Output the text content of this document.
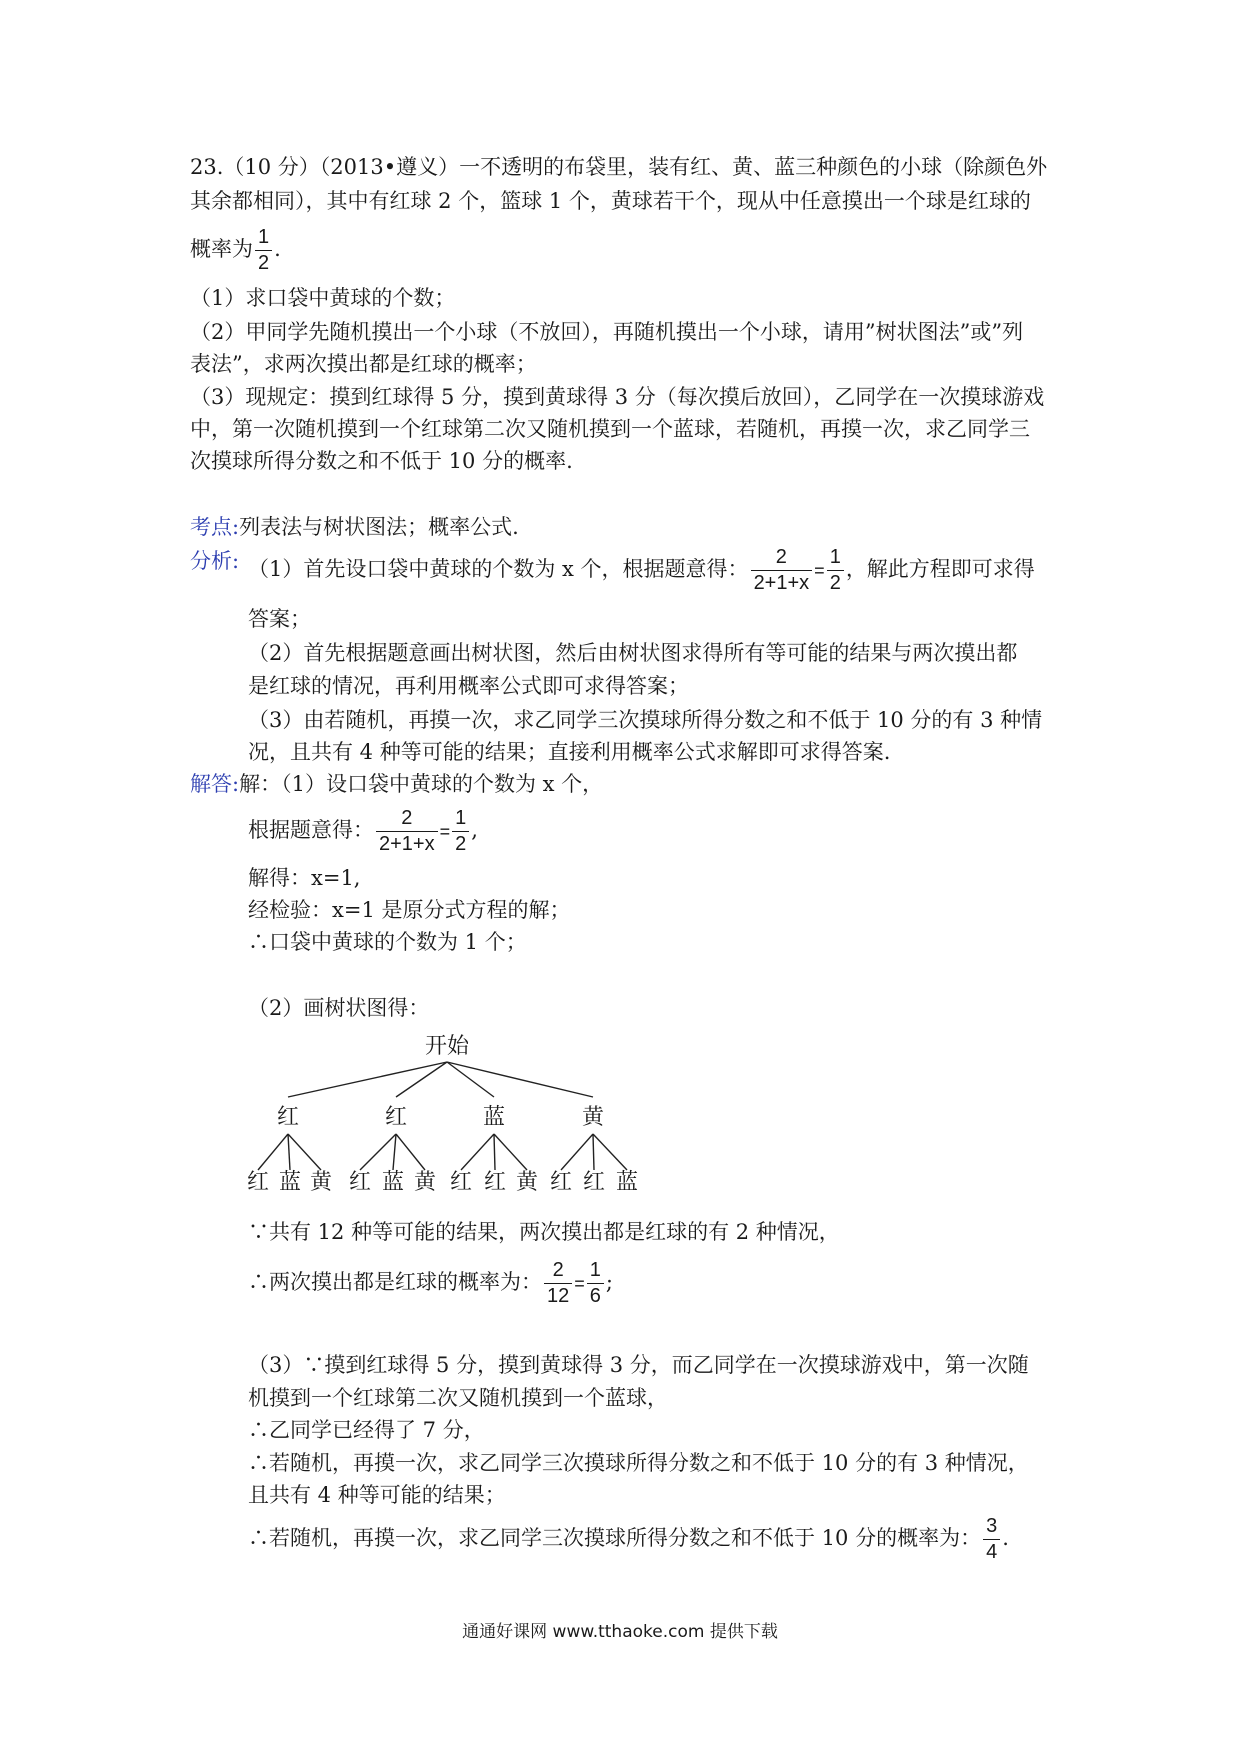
23.（10 分）（2013•遵义）一不透明的布袋里，装有红、黄、蓝三种颜色的小球（除颜色外
其余都相同），其中有红球 2 个，篮球 1 个，黄球若干个，现从中任意摸出一个球是红球的
概率为 $\frac{1}{2}$ .
（1）求口袋中黄球的个数；
（2）甲同学先随机摸出一个小球（不放回），再随机摸出一个小球，请用”树状图法”或”列
表法”，求两次摸出都是红球的概率；
（3）现规定：摸到红球得 5 分，摸到黄球得 3 分（每次摸后放回），乙同学在一次摸球游戏
中，第一次随机摸到一个红球第二次又随机摸到一个蓝球，若随机，再摸一次，求乙同学三
次摸球所得分数之和不低于 10 分的概率.
考点:列表法与树状图法；概率公式.
分析: （1）首先设口袋中黄球的个数为 x 个，根据题意得： $\frac{2}{2+1+x} = \frac{1}{2}$ ，解此方程即可求得
答案；
（2）首先根据题意画出树状图，然后由树状图求得所有等可能的结果与两次摸出都
是红球的情况，再利用概率公式即可求得答案；
（3）由若随机，再摸一次，求乙同学三次摸球所得分数之和不低于 10 分的有 3 种情
况，且共有 4 种等可能的结果；直接利用概率公式求解即可求得答案.
解答:解：（1）设口袋中黄球的个数为 x 个，
根据题意得： $\frac{2}{2+1+x} = \frac{1}{2}$ ,
解得：x=1,
经检验：x=1 是原分式方程的解；
∴口袋中黄球的个数为 1 个；
（2）画树状图得：
开始
红
红 蓝 黄
红
红 蓝 黄
蓝
红 红 黄
黄
红 红 蓝
∵共有 12 种等可能的结果，两次摸出都是红球的有 2 种情况，
∴两次摸出都是红球的概率为： $\frac{2}{12} = \frac{1}{6}$ ;
（3）∵摸到红球得 5 分，摸到黄球得 3 分，而乙同学在一次摸球游戏中，第一次随
机摸到一个红球第二次又随机摸到一个蓝球，
∴乙同学已经得了 7 分，
∴若随机，再摸一次，求乙同学三次摸球所得分数之和不低于 10 分的有 3 种情况，
且共有 4 种等可能的结果；
∴若随机，再摸一次，求乙同学三次摸球所得分数之和不低于 10 分的概率为： $\frac{3}{4}$ .
通通好课网 www.tthaoke.com 提供下载
